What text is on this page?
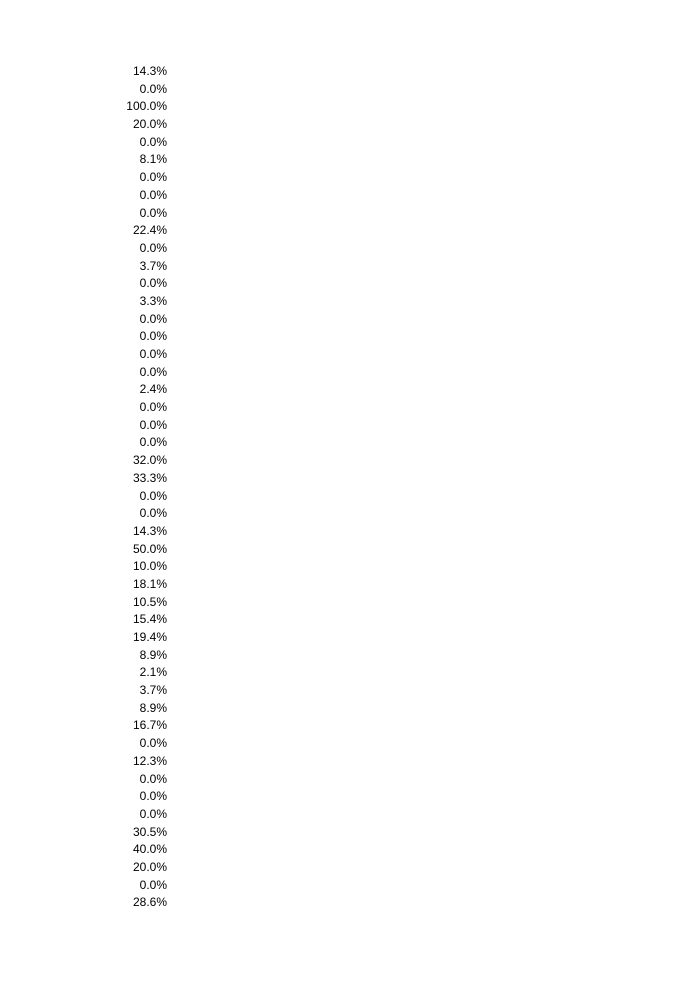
14.3%
0.0%
100.0%
20.0%
0.0%
8.1%
0.0%
0.0%
0.0%
22.4%
0.0%
3.7%
0.0%
3.3%
0.0%
0.0%
0.0%
0.0%
2.4%
0.0%
0.0%
0.0%
32.0%
33.3%
0.0%
0.0%
14.3%
50.0%
10.0%
18.1%
10.5%
15.4%
19.4%
8.9%
2.1%
3.7%
8.9%
16.7%
0.0%
12.3%
0.0%
0.0%
0.0%
30.5%
40.0%
20.0%
0.0%
28.6%
